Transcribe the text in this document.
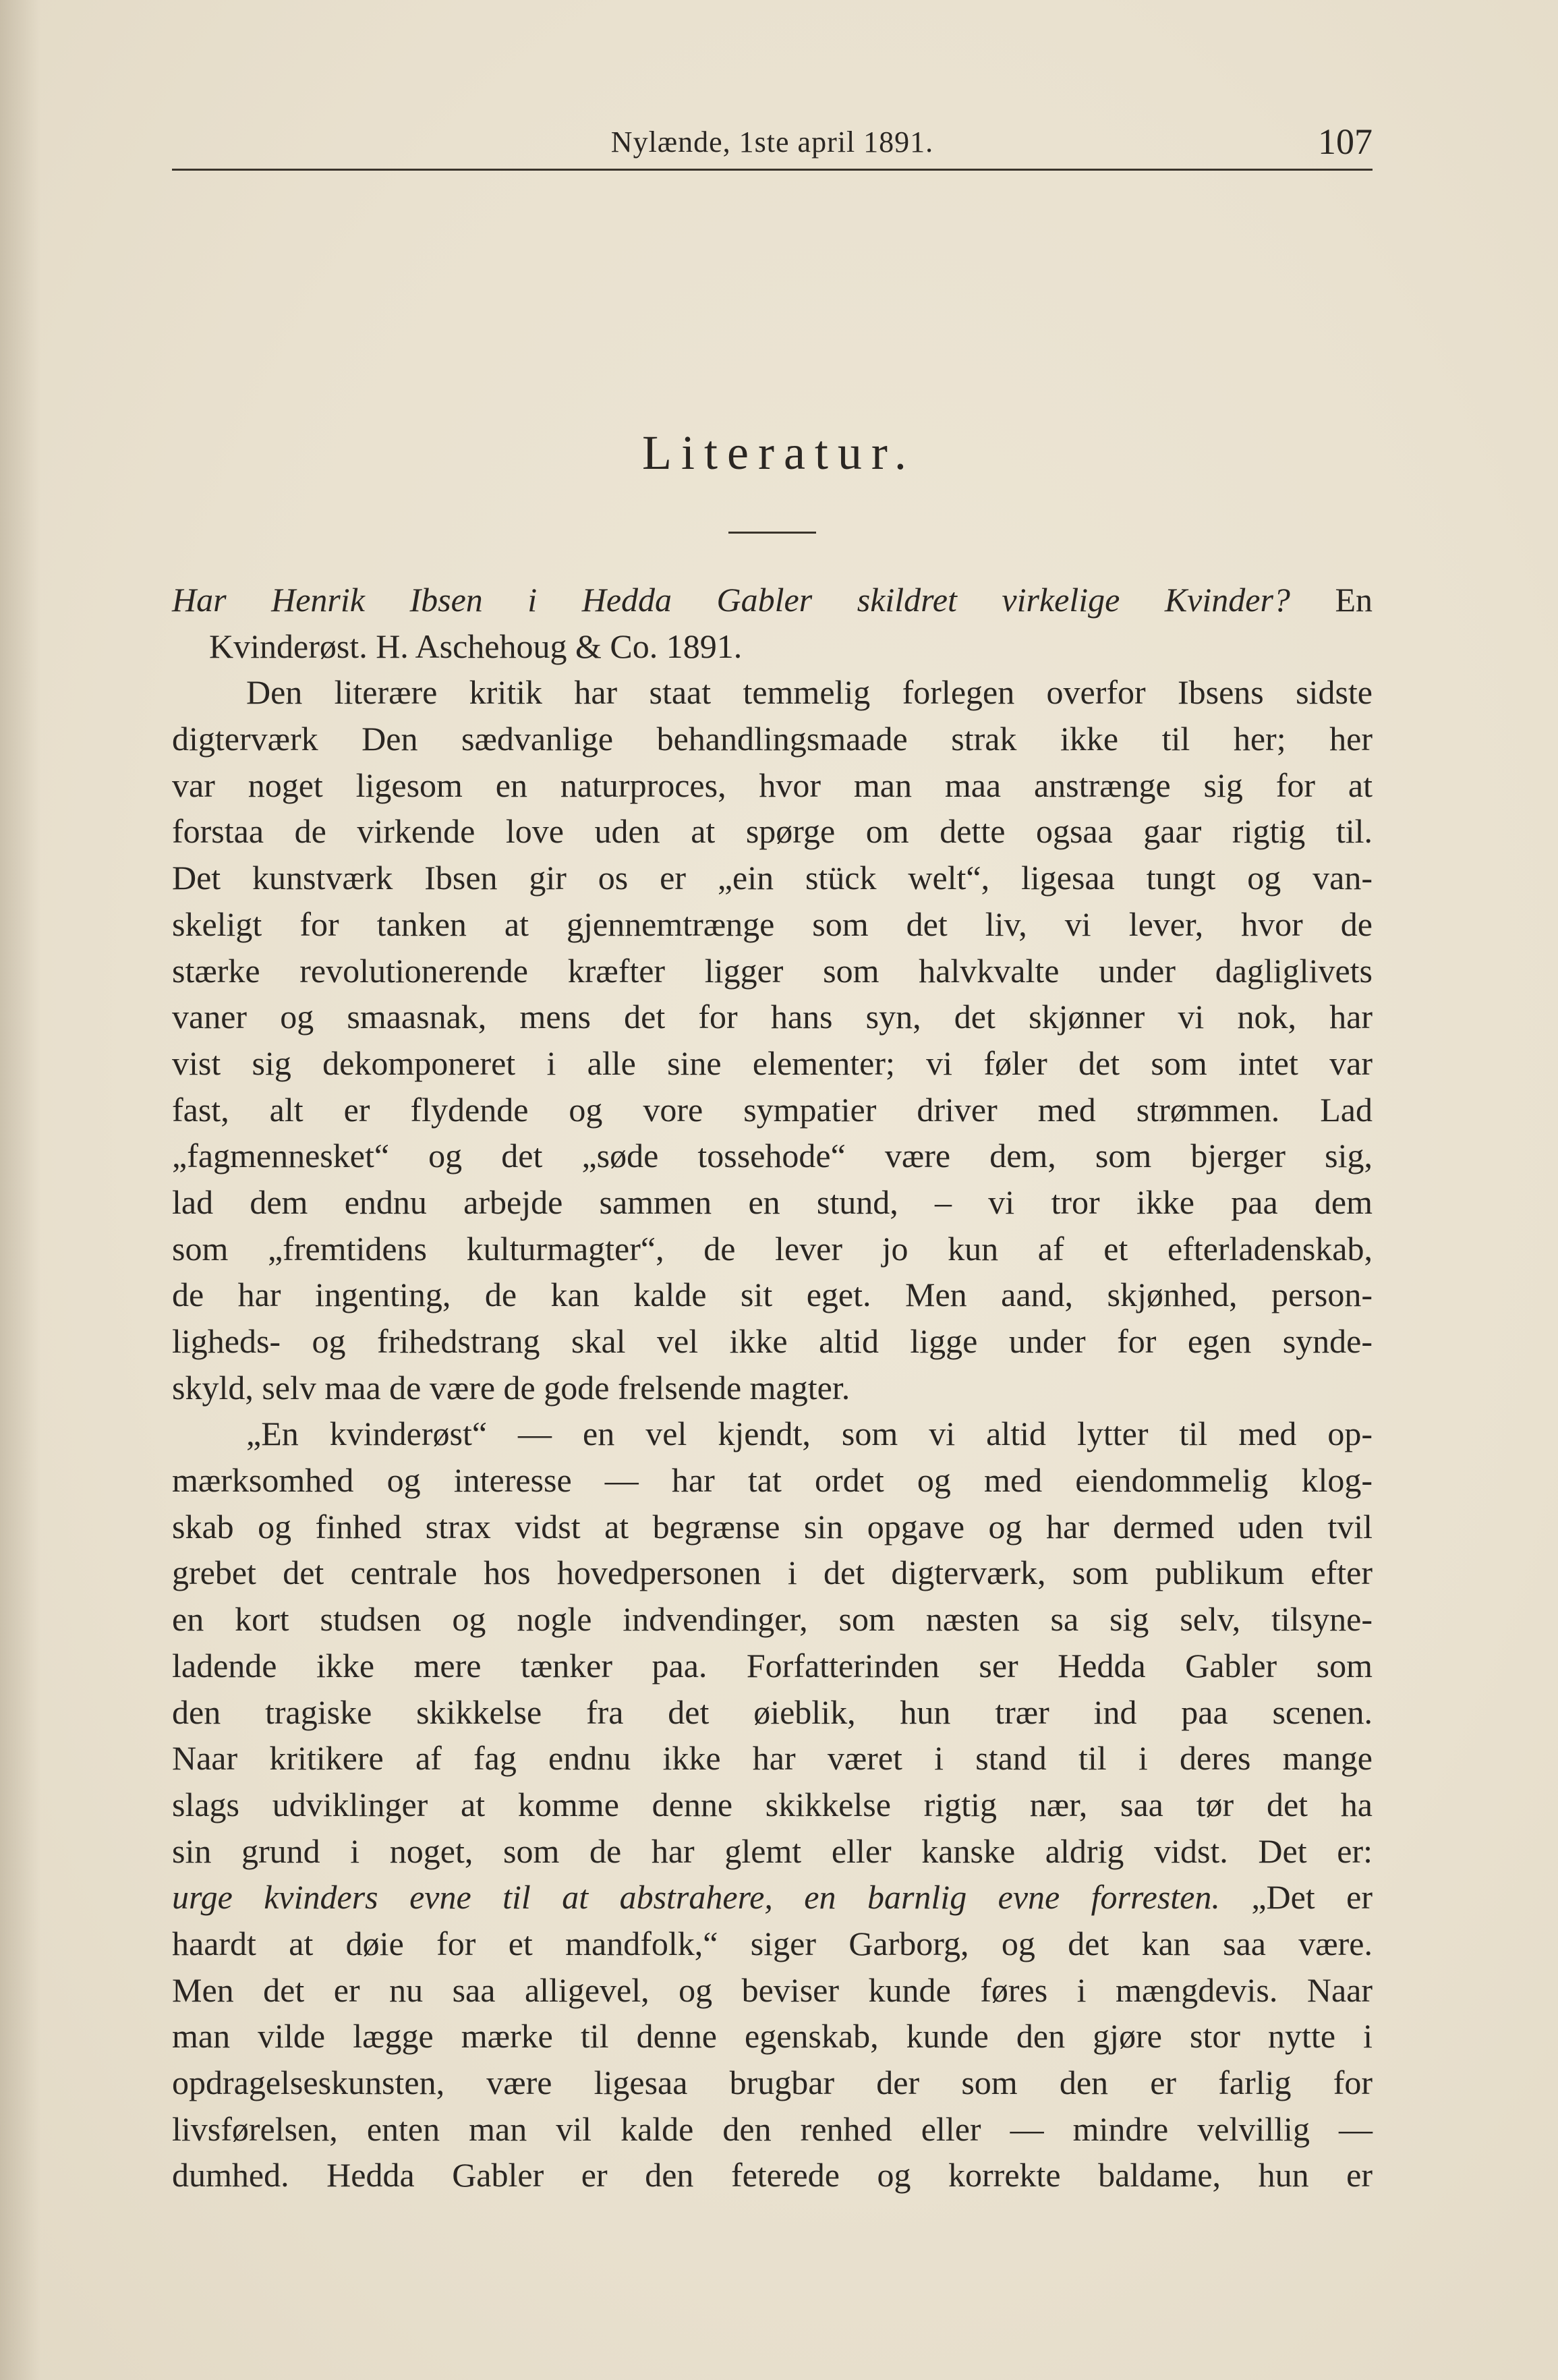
Nylænde, 1ste april 1891.	107
Literatur.
Har Henrik Ibsen i Hedda Gabler skildret virkelige Kvinder? En
Kvinderøst. H. Aschehoug & Co. 1891.
Den literære kritik har staat temmelig forlegen overfor Ibsens sidste
digterværk Den sædvanlige behandlingsmaade strak ikke til her; her
var noget ligesom en naturproces, hvor man maa anstrænge sig for at
forstaa de virkende love uden at spørge om dette ogsaa gaar rigtig til.
Det kunstværk Ibsen gir os er „ein stück welt“, ligesaa tungt og van-
skeligt for tanken at gjennemtrænge som det liv, vi lever, hvor de
stærke revolutionerende kræfter ligger som halvkvalte under dagliglivets
vaner og smaasnak, mens det for hans syn, det skjønner vi nok, har
vist sig dekomponeret i alle sine elementer; vi føler det som intet var
fast, alt er flydende og vore sympatier driver med strømmen. Lad
„fagmennesket“ og det „søde tossehode“ være dem, som bjerger sig,
lad dem endnu arbejde sammen en stund, – vi tror ikke paa dem
som „fremtidens kulturmagter“, de lever jo kun af et efterladenskab,
de har ingenting, de kan kalde sit eget. Men aand, skjønhed, person-
ligheds- og frihedstrang skal vel ikke altid ligge under for egen synde-
skyld, selv maa de være de gode frelsende magter.
„En kvinderøst“ — en vel kjendt, som vi altid lytter til med op-
mærksomhed og interesse — har tat ordet og med eiendommelig klog-
skab og finhed strax vidst at begrænse sin opgave og har dermed uden tvil
grebet det centrale hos hovedpersonen i det digterværk, som publikum efter
en kort studsen og nogle indvendinger, som næsten sa sig selv, tilsyne-
ladende ikke mere tænker paa. Forfatterinden ser Hedda Gabler som
den tragiske skikkelse fra det øieblik, hun trær ind paa scenen.
Naar kritikere af fag endnu ikke har været i stand til i deres mange
slags udviklinger at komme denne skikkelse rigtig nær, saa tør det ha
sin grund i noget, som de har glemt eller kanske aldrig vidst. Det er:
urge kvinders evne til at abstrahere, en barnlig evne forresten. „Det er
haardt at døie for et mandfolk,“ siger Garborg, og det kan saa være.
Men det er nu saa alligevel, og beviser kunde føres i mængdevis. Naar
man vilde lægge mærke til denne egenskab, kunde den gjøre stor nytte i
opdragelseskunsten, være ligesaa brugbar der som den er farlig for
livsførelsen, enten man vil kalde den renhed eller — mindre velvillig —
dumhed. Hedda Gabler er den feterede og korrekte baldame, hun er
